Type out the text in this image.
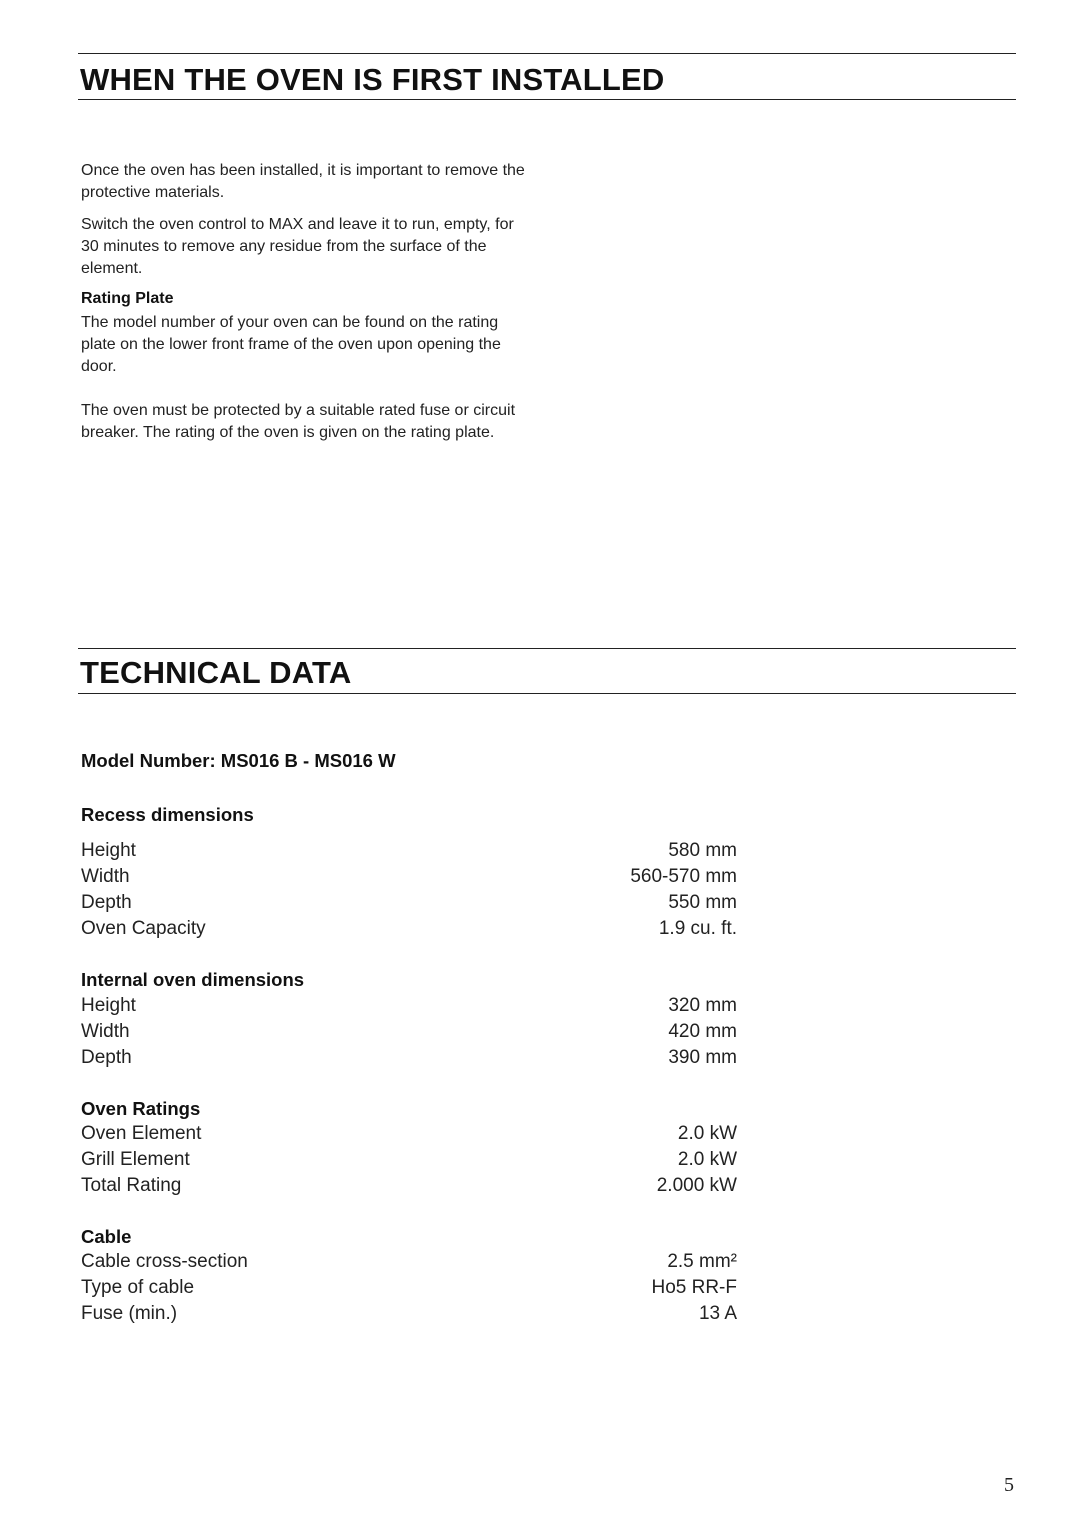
WHEN THE OVEN IS FIRST INSTALLED

Once the oven has been installed, it is important to remove the protective materials.

Switch the oven control to MAX and leave it to run, empty, for 30 minutes to remove any residue from the surface of the element.

Rating Plate

The model number of your oven can be found on the rating plate on the lower front frame of the oven upon opening the door.

The oven must be protected by a suitable rated fuse or circuit breaker. The rating of the oven is given on the rating plate.

TECHNICAL DATA

Model Number: MS016 B - MS016 W

Recess dimensions

Height	580 mm
Width	560-570 mm
Depth	550 mm
Oven Capacity	1.9 cu. ft.

Internal oven dimensions

Height	320 mm
Width	420 mm
Depth	390 mm

Oven Ratings

Oven Element	2.0 kW
Grill Element	2.0 kW
Total Rating	2.000 kW

Cable

Cable cross-section	2.5 mm²
Type of cable	Ho5 RR-F
Fuse (min.)	13 A
5
